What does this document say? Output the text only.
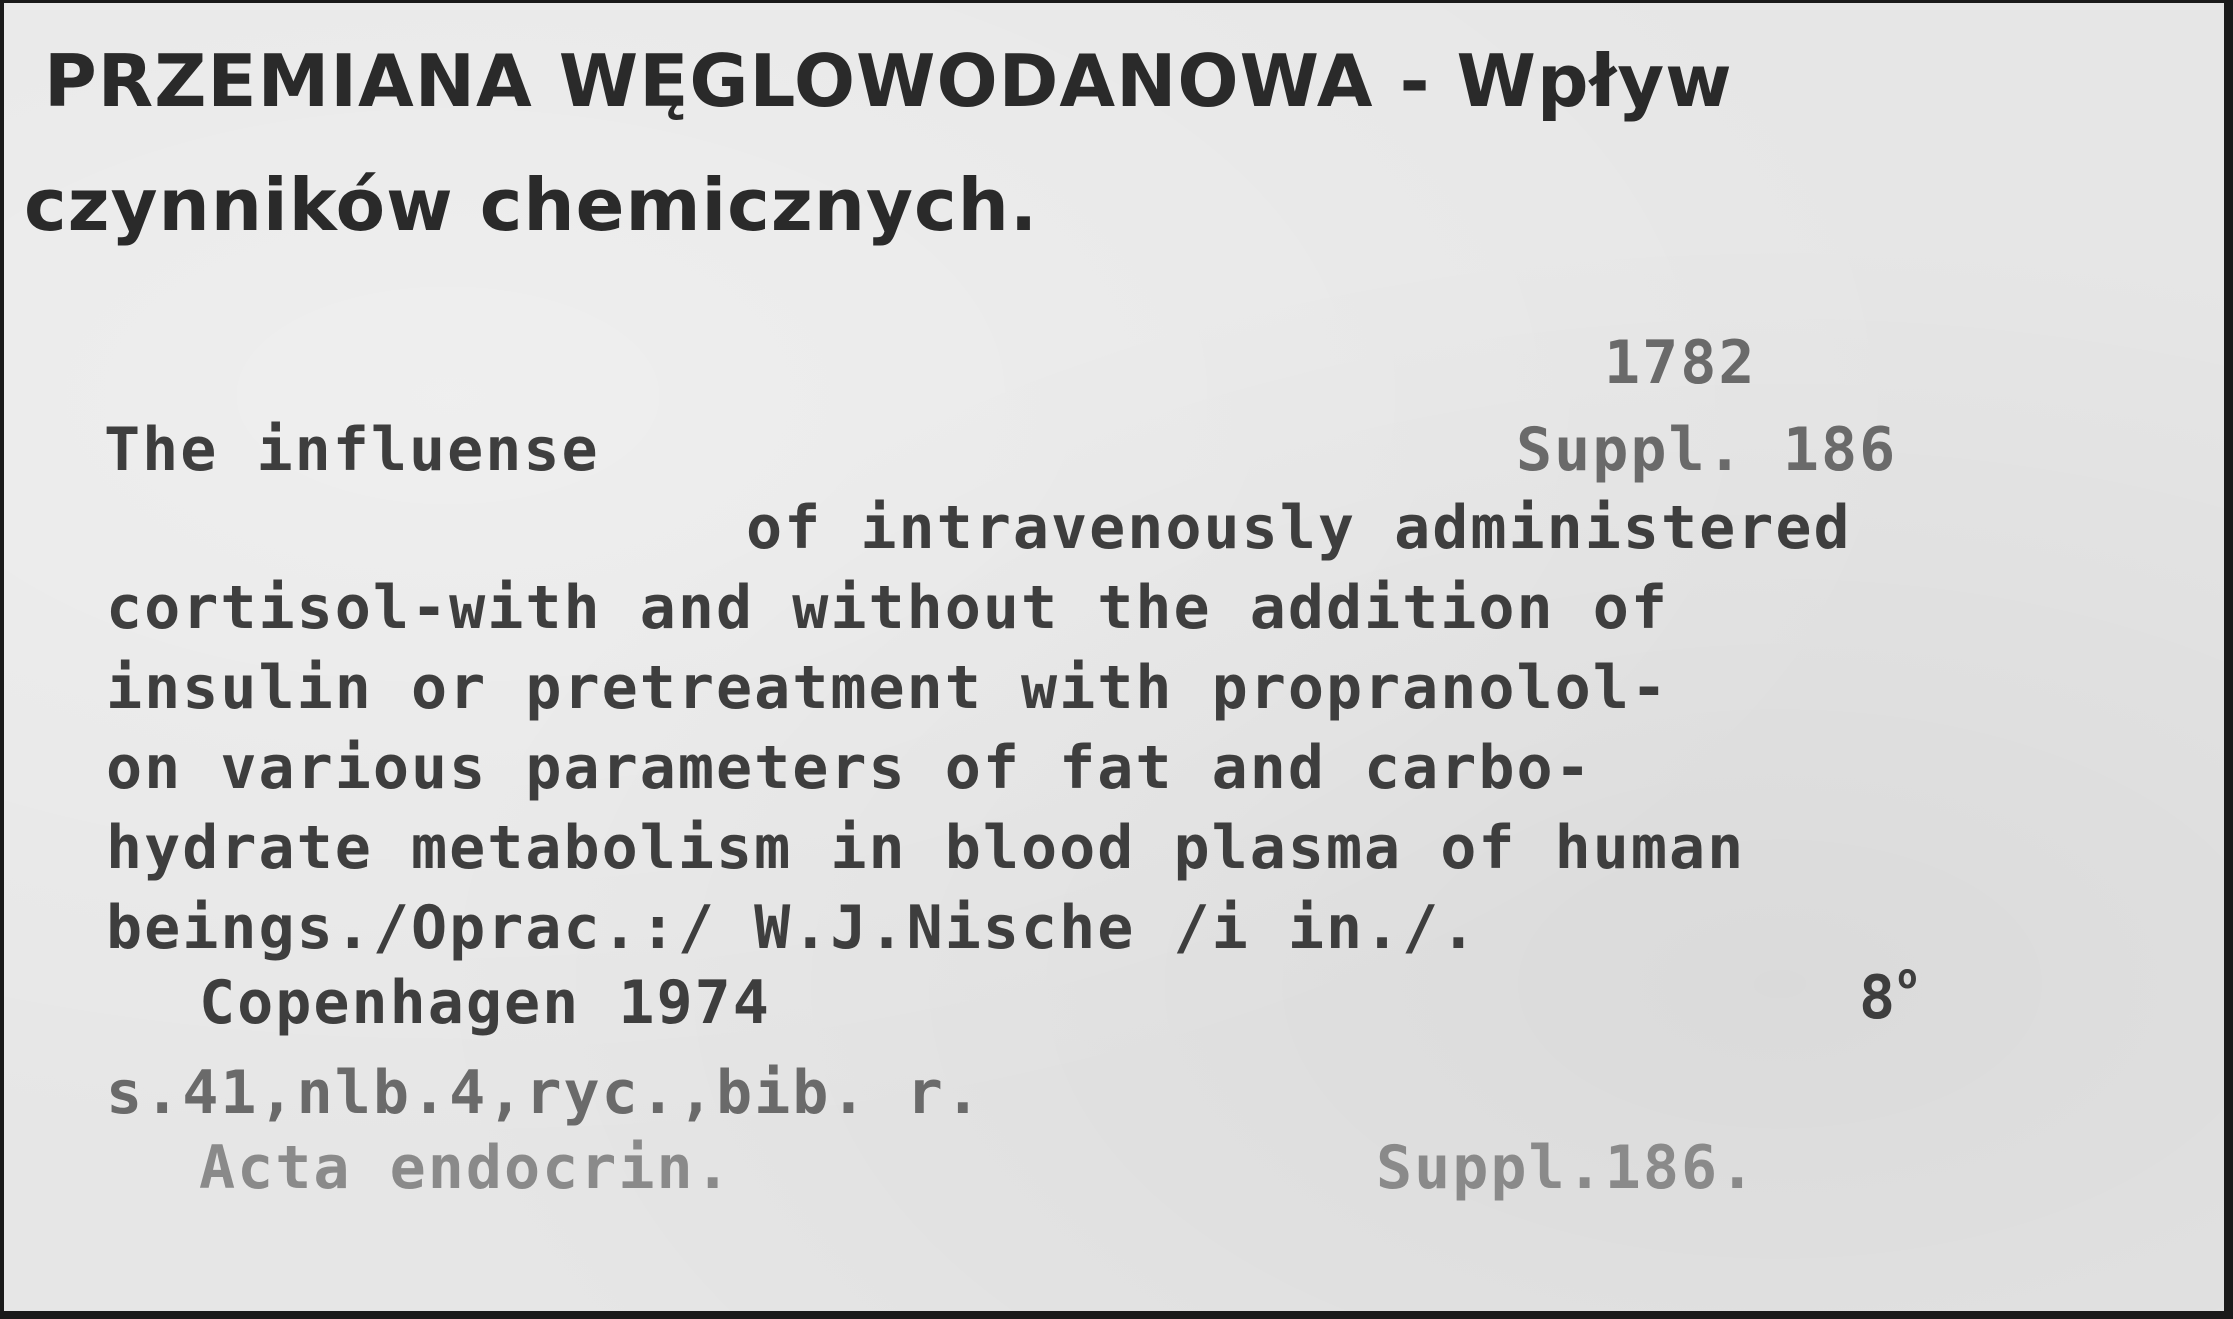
PRZEMIANA WĘGLOWODANOWA - Wpływ
czynników chemicznych.
1782
The influense	Suppl. 186
of intravenously administered
cortisol-with and without the addition of
insulin or pretreatment with propranolol-
on various parameters of fat and carbo-
hydrate metabolism in blood plasma of human
beings./Oprac.:/ W.J.Nische /i in./.
Copenhagen 1974	8$^o$
s.41,nlb.4,ryc.,bib. r.
Acta endocrin.	Suppl.186.
